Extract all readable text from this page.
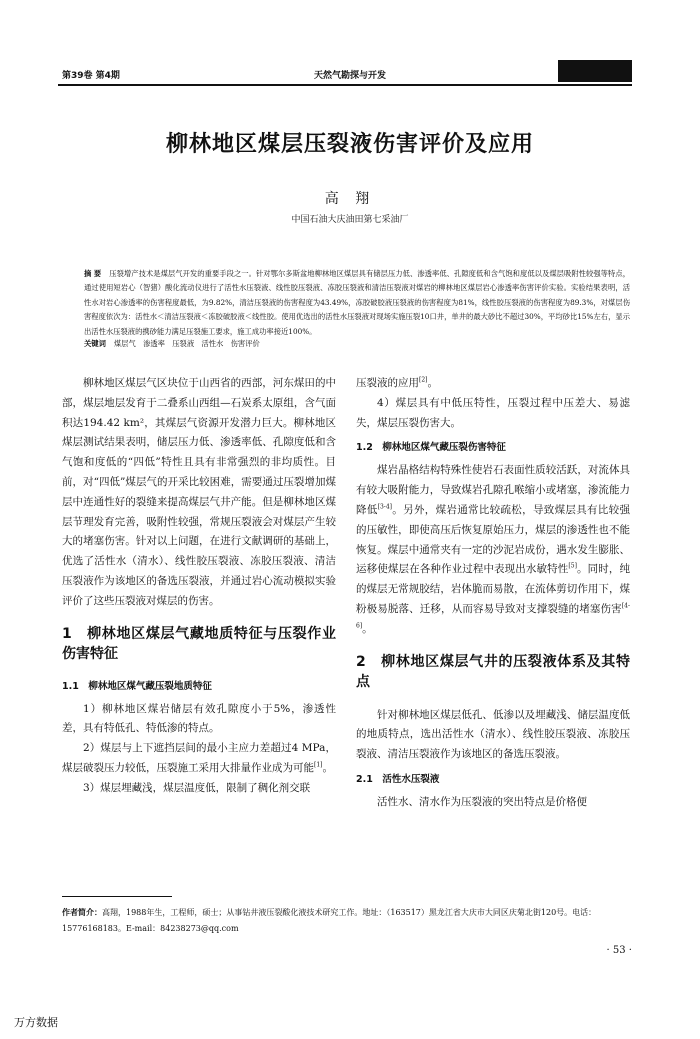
第39卷 第4期	天然气勘探与开发
柳林地区煤层压裂液伤害评价及应用
高 翔
中国石油大庆油田第七采油厂
摘 要 压裂增产技术是煤层气开发的重要手段之一。针对鄂尔多斯盆地柳林地区煤层具有储层压力低、渗透率低、孔隙度低和含气饱和度低以及煤层吸附性较强等特点，通过使用短岩心（智猪）酸化流动仪进行了活性水压裂液、线性胶压裂液、冻胶压裂液和清洁压裂液对煤岩的柳林地区煤层岩心渗透率伤害评价实验。实验结果表明，活性水对岩心渗透率的伤害程度最低，为9.82%，清洁压裂液的伤害程度为43.49%，冻胶破胶液压裂液的伤害程度为81%，线性胶压裂液的伤害程度为89.3%，对煤层伤害程度依次为：活性水＜清洁压裂液＜冻胶破胶液＜线性胶。使用优选出的活性水压裂液对现场实施压裂10口井，单井的最大砂比不超过30%，平均砂比15%左右，显示出活性水压裂液的携砂能力满足压裂施工要求，施工成功率接近100%。
关键词 煤层气　渗透率　压裂液　活性水　伤害评价

柳林地区煤层气区块位于山西省的西部，河东煤田的中部，煤层地层发育于二叠系山西组—石炭系太原组，含气面积达194.42 km²，其煤层气资源开发潜力巨大。柳林地区煤层测试结果表明，储层压力低、渗透率低、孔隙度低和含气饱和度低的“四低”特性且具有非常强烈的非均质性。目前，对“四低”煤层气的开采比较困难，需要通过压裂增加煤层中连通性好的裂缝来提高煤层气井产能。但是柳林地区煤层节理发育完善，吸附性较强，常规压裂液会对煤层产生较大的堵塞伤害。针对以上问题，在进行文献调研的基础上，优选了活性水（清水）、线性胶压裂液、冻胶压裂液、清洁压裂液作为该地区的备选压裂液，并通过岩心流动模拟实验评价了这些压裂液对煤层的伤害。

1　柳林地区煤层气藏地质特征与压裂作业伤害特征
1.1　柳林地区煤气藏压裂地质特征

1）柳林地区煤岩储层有效孔隙度小于5%，渗透性差，具有特低孔、特低渗的特点。

2）煤层与上下遮挡层间的最小主应力差超过4 MPa，煤层破裂压力较低，压裂施工采用大排量作业成为可能[1]。

3）煤层埋藏浅，煤层温度低，限制了稠化剂交联

压裂液的应用[2]。

4）煤层具有中低压特性，压裂过程中压差大、易滤失，煤层压裂伤害大。

1.2　柳林地区煤气藏压裂伤害特征

煤岩晶格结构特殊性使岩石表面性质较活跃，对流体具有较大吸附能力，导致煤岩孔隙孔喉缩小或堵塞，渗流能力降低[3-4]。另外，煤岩通常比较疏松，导致煤层具有比较强的压敏性，即使高压后恢复原始压力，煤层的渗透性也不能恢复。煤层中通常夹有一定的沙泥岩成份，遇水发生膨胀、运移使煤层在各种作业过程中表现出水敏特性[5]。同时，纯的煤层无常规胶结，岩体脆而易散，在流体剪切作用下，煤粉极易脱落、迁移，从而容易导致对支撑裂缝的堵塞伤害[4-6]。

2　柳林地区煤层气井的压裂液体系及其特点

针对柳林地区煤层低孔、低渗以及埋藏浅、储层温度低的地质特点，选出活性水（清水）、线性胶压裂液、冻胶压裂液、清洁压裂液作为该地区的备选压裂液。

2.1　活性水压裂液

活性水、清水作为压裂液的突出特点是价格便

作者简介：高翔，1988年生，工程师，硕士；从事钻井液压裂酸化液技术研究工作。地址：（163517）黑龙江省大庆市大同区庆菊北街120号。电话：15776168183。E-mail：84238273@qq.com
· 53 ·
万方数据
